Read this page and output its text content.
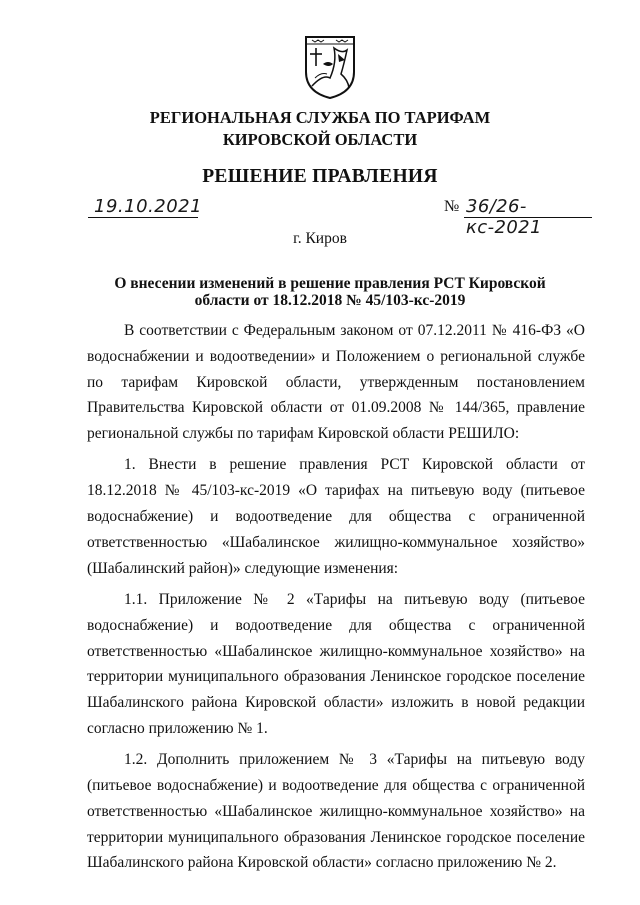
РЕГИОНАЛЬНАЯ СЛУЖБА ПО ТАРИФАМ
КИРОВСКОЙ ОБЛАСТИ
РЕШЕНИЕ ПРАВЛЕНИЯ
19.10.2021	№ 36/26-кс-2021
г. Киров
О внесении изменений в решение правления РСТ Кировской
области от 18.12.2018 № 45/103-кс-2019

В соответствии с Федеральным законом от 07.12.2011 № 416-ФЗ «О водоснабжении и водоотведении» и Положением о региональной службе по тарифам Кировской области, утвержденным постановлением Правительства Кировской области от 01.09.2008 № 144/365, правление региональной службы по тарифам Кировской области РЕШИЛО:

1. Внести в решение правления РСТ Кировской области от 18.12.2018 № 45/103-кс-2019 «О тарифах на питьевую воду (питьевое водоснабжение) и водоотведение для общества с ограниченной ответственностью «Шабалинское жилищно-коммунальное хозяйство» (Шабалинский район)» следующие изменения:

1.1. Приложение № 2 «Тарифы на питьевую воду (питьевое водоснабжение) и водоотведение для общества с ограниченной ответственностью «Шабалинское жилищно-коммунальное хозяйство» на территории муниципального образования Ленинское городское поселение Шабалинского района Кировской области» изложить в новой редакции согласно приложению № 1.

1.2. Дополнить приложением № 3 «Тарифы на питьевую воду (питьевое водоснабжение) и водоотведение для общества с ограниченной ответственностью «Шабалинское жилищно-коммунальное хозяйство» на территории муниципального образования Ленинское городское поселение Шабалинского района Кировской области» согласно приложению № 2.
